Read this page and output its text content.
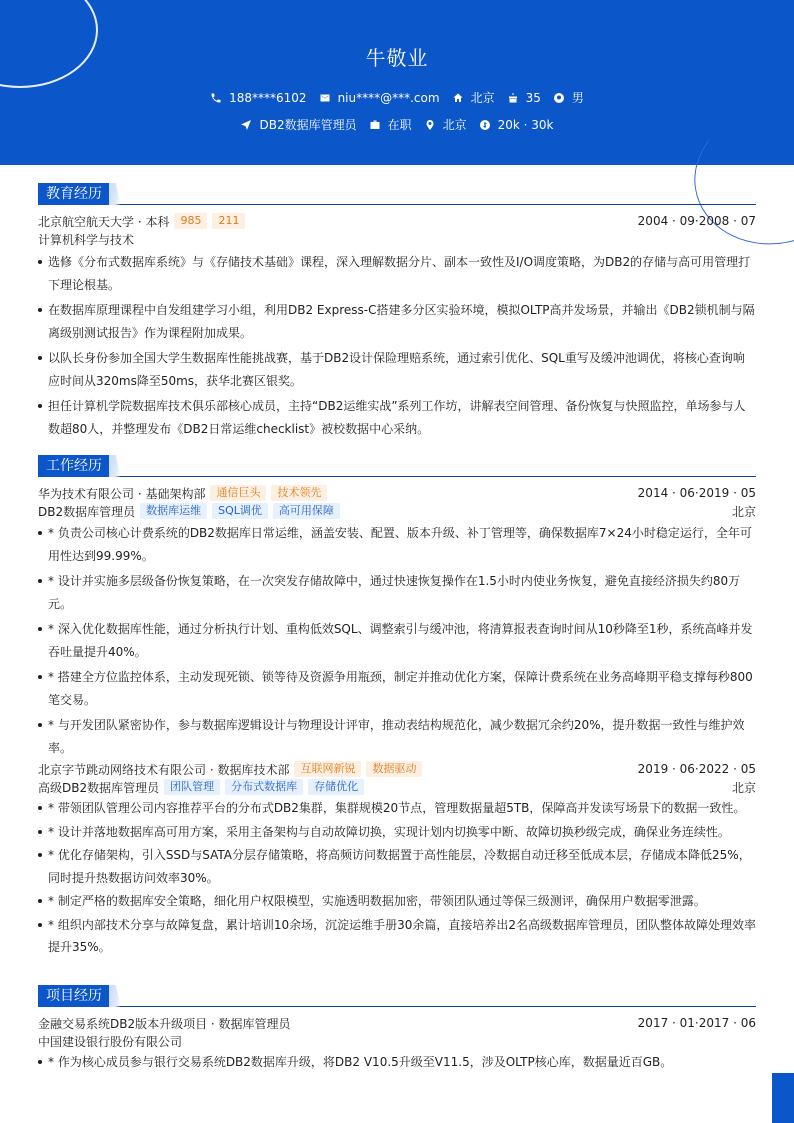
牛敬业
188****6102	niu****@***.com	北京	35	男
DB2数据库管理员	在职	北京	20k · 30k
教育经历
北京航空航天大学 · 本科	985	211	2004 · 09·2008 · 07
计算机科学与技术
选修《分布式数据库系统》与《存储技术基础》课程，深入理解数据分片、副本一致性及I/O调度策略，为DB2的存储与高可用管理打下理论根基。
在数据库原理课程中自发组建学习小组，利用DB2 Express-C搭建多分区实验环境，模拟OLTP高并发场景，并输出《DB2锁机制与隔离级别测试报告》作为课程附加成果。
以队长身份参加全国大学生数据库性能挑战赛，基于DB2设计保险理赔系统，通过索引优化、SQL重写及缓冲池调优，将核心查询响应时间从320ms降至50ms，获华北赛区银奖。
担任计算机学院数据库技术俱乐部核心成员，主持“DB2运维实战”系列工作坊，讲解表空间管理、备份恢复与快照监控，单场参与人数超80人，并整理发布《DB2日常运维checklist》被校数据中心采纳。
工作经历
华为技术有限公司 · 基础架构部	通信巨头	技术领先	2014 · 06·2019 · 05
DB2数据库管理员	数据库运维	SQL调优	高可用保障	北京
* 负责公司核心计费系统的DB2数据库日常运维，涵盖安装、配置、版本升级、补丁管理等，确保数据库7×24小时稳定运行，全年可用性达到99.99%。
* 设计并实施多层级备份恢复策略，在一次突发存储故障中，通过快速恢复操作在1.5小时内使业务恢复，避免直接经济损失约80万元。
* 深入优化数据库性能，通过分析执行计划、重构低效SQL、调整索引与缓冲池，将清算报表查询时间从10秒降至1秒，系统高峰并发吞吐量提升40%。
* 搭建全方位监控体系，主动发现死锁、锁等待及资源争用瓶颈，制定并推动优化方案，保障计费系统在业务高峰期平稳支撑每秒800笔交易。
* 与开发团队紧密协作，参与数据库逻辑设计与物理设计评审，推动表结构规范化，减少数据冗余约20%，提升数据一致性与维护效率。
北京字节跳动网络技术有限公司 · 数据库技术部	互联网新锐	数据驱动	2019 · 06·2022 · 05
高级DB2数据库管理员	团队管理	分布式数据库	存储优化	北京
* 带领团队管理公司内容推荐平台的分布式DB2集群，集群规模20节点，管理数据量超5TB，保障高并发读写场景下的数据一致性。
* 设计并落地数据库高可用方案，采用主备架构与自动故障切换，实现计划内切换零中断、故障切换秒级完成，确保业务连续性。
* 优化存储架构，引入SSD与SATA分层存储策略，将高频访问数据置于高性能层，冷数据自动迁移至低成本层，存储成本降低25%，同时提升热数据访问效率30%。
* 制定严格的数据库安全策略，细化用户权限模型，实施透明数据加密，带领团队通过等保三级测评，确保用户数据零泄露。
* 组织内部技术分享与故障复盘，累计培训10余场，沉淀运维手册30余篇，直接培养出2名高级数据库管理员，团队整体故障处理效率提升35%。
项目经历
金融交易系统DB2版本升级项目 · 数据库管理员	2017 · 01·2017 · 06
中国建设银行股份有限公司
* 作为核心成员参与银行交易系统DB2数据库升级，将DB2 V10.5升级至V11.5，涉及OLTP核心库，数据量近百GB。
